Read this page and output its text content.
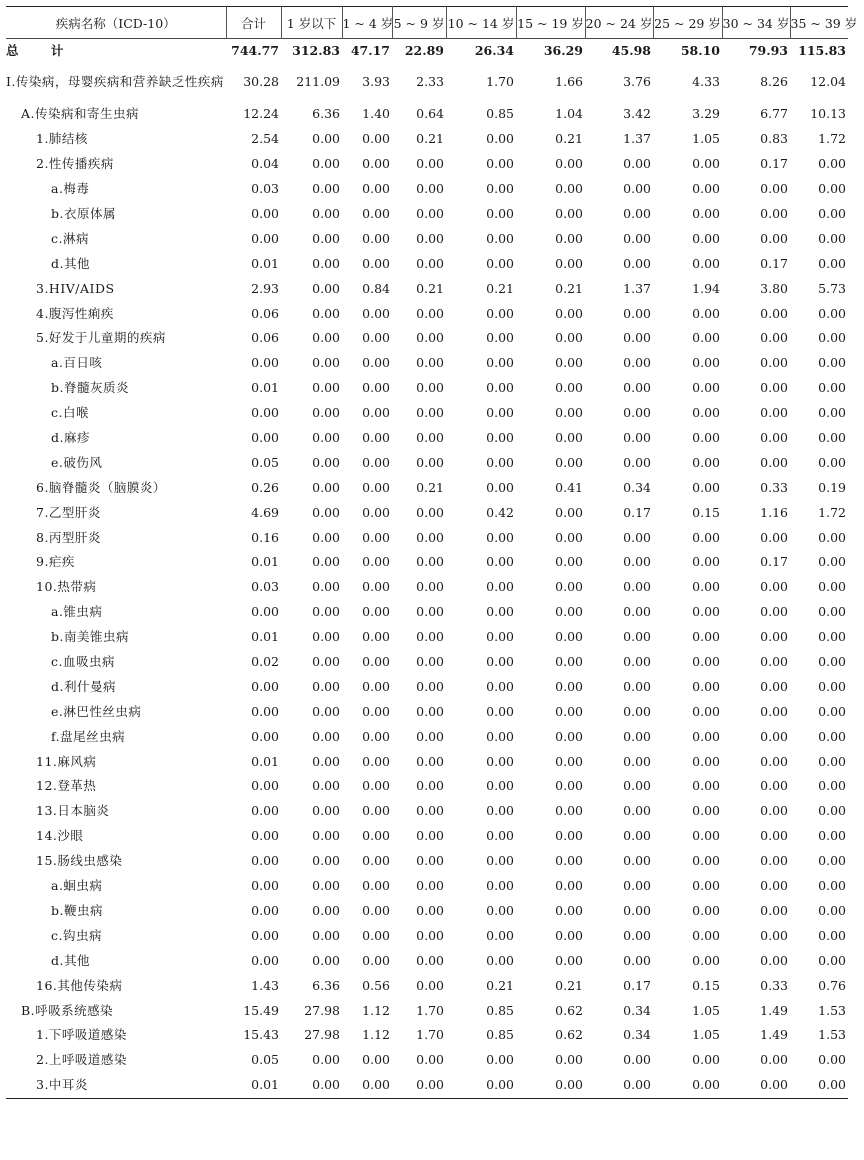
疾病名称（ICD-10）	合计	1 岁以下	1 ~ 4 岁	5 ~ 9 岁	10 ~ 14 岁	15 ~ 19 岁	20 ~ 24 岁	25 ~ 29 岁	30 ~ 34 岁	35 ~ 39 岁
总 计	744.77	312.83	47.17	22.89	26.34	36.29	45.98	58.10	79.93	115.83
Ⅰ.传染病，母婴疾病和营养缺乏性疾病	30.28	211.09	3.93	2.33	1.70	1.66	3.76	4.33	8.26	12.04
A.传染病和寄生虫病	12.24	6.36	1.40	0.64	0.85	1.04	3.42	3.29	6.77	10.13
1.肺结核	2.54	0.00	0.00	0.21	0.00	0.21	1.37	1.05	0.83	1.72
2.性传播疾病	0.04	0.00	0.00	0.00	0.00	0.00	0.00	0.00	0.17	0.00
a.梅毒	0.03	0.00	0.00	0.00	0.00	0.00	0.00	0.00	0.00	0.00
b.衣原体属	0.00	0.00	0.00	0.00	0.00	0.00	0.00	0.00	0.00	0.00
c.淋病	0.00	0.00	0.00	0.00	0.00	0.00	0.00	0.00	0.00	0.00
d.其他	0.01	0.00	0.00	0.00	0.00	0.00	0.00	0.00	0.17	0.00
3.HIV/AIDS	2.93	0.00	0.84	0.21	0.21	0.21	1.37	1.94	3.80	5.73
4.腹泻性痢疾	0.06	0.00	0.00	0.00	0.00	0.00	0.00	0.00	0.00	0.00
5.好发于儿童期的疾病	0.06	0.00	0.00	0.00	0.00	0.00	0.00	0.00	0.00	0.00
a.百日咳	0.00	0.00	0.00	0.00	0.00	0.00	0.00	0.00	0.00	0.00
b.脊髓灰质炎	0.01	0.00	0.00	0.00	0.00	0.00	0.00	0.00	0.00	0.00
c.白喉	0.00	0.00	0.00	0.00	0.00	0.00	0.00	0.00	0.00	0.00
d.麻疹	0.00	0.00	0.00	0.00	0.00	0.00	0.00	0.00	0.00	0.00
e.破伤风	0.05	0.00	0.00	0.00	0.00	0.00	0.00	0.00	0.00	0.00
6.脑脊髓炎（脑膜炎）	0.26	0.00	0.00	0.21	0.00	0.41	0.34	0.00	0.33	0.19
7.乙型肝炎	4.69	0.00	0.00	0.00	0.42	0.00	0.17	0.15	1.16	1.72
8.丙型肝炎	0.16	0.00	0.00	0.00	0.00	0.00	0.00	0.00	0.00	0.00
9.疟疾	0.01	0.00	0.00	0.00	0.00	0.00	0.00	0.00	0.17	0.00
10.热带病	0.03	0.00	0.00	0.00	0.00	0.00	0.00	0.00	0.00	0.00
a.锥虫病	0.00	0.00	0.00	0.00	0.00	0.00	0.00	0.00	0.00	0.00
b.南美锥虫病	0.01	0.00	0.00	0.00	0.00	0.00	0.00	0.00	0.00	0.00
c.血吸虫病	0.02	0.00	0.00	0.00	0.00	0.00	0.00	0.00	0.00	0.00
d.利什曼病	0.00	0.00	0.00	0.00	0.00	0.00	0.00	0.00	0.00	0.00
e.淋巴性丝虫病	0.00	0.00	0.00	0.00	0.00	0.00	0.00	0.00	0.00	0.00
f.盘尾丝虫病	0.00	0.00	0.00	0.00	0.00	0.00	0.00	0.00	0.00	0.00
11.麻风病	0.01	0.00	0.00	0.00	0.00	0.00	0.00	0.00	0.00	0.00
12.登革热	0.00	0.00	0.00	0.00	0.00	0.00	0.00	0.00	0.00	0.00
13.日本脑炎	0.00	0.00	0.00	0.00	0.00	0.00	0.00	0.00	0.00	0.00
14.沙眼	0.00	0.00	0.00	0.00	0.00	0.00	0.00	0.00	0.00	0.00
15.肠线虫感染	0.00	0.00	0.00	0.00	0.00	0.00	0.00	0.00	0.00	0.00
a.蛔虫病	0.00	0.00	0.00	0.00	0.00	0.00	0.00	0.00	0.00	0.00
b.鞭虫病	0.00	0.00	0.00	0.00	0.00	0.00	0.00	0.00	0.00	0.00
c.钩虫病	0.00	0.00	0.00	0.00	0.00	0.00	0.00	0.00	0.00	0.00
d.其他	0.00	0.00	0.00	0.00	0.00	0.00	0.00	0.00	0.00	0.00
16.其他传染病	1.43	6.36	0.56	0.00	0.21	0.21	0.17	0.15	0.33	0.76
B.呼吸系统感染	15.49	27.98	1.12	1.70	0.85	0.62	0.34	1.05	1.49	1.53
1.下呼吸道感染	15.43	27.98	1.12	1.70	0.85	0.62	0.34	1.05	1.49	1.53
2.上呼吸道感染	0.05	0.00	0.00	0.00	0.00	0.00	0.00	0.00	0.00	0.00
3.中耳炎	0.01	0.00	0.00	0.00	0.00	0.00	0.00	0.00	0.00	0.00
